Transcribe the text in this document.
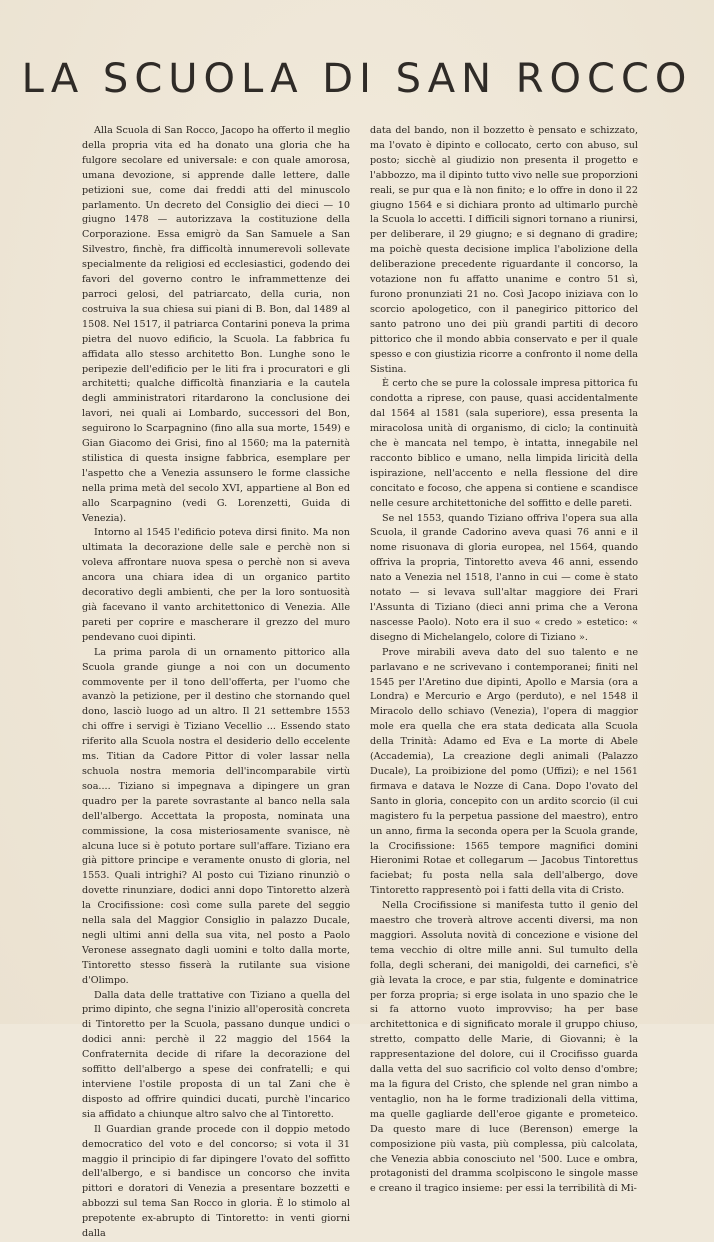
LA SCUOLA DI SAN ROCCO

Alla Scuola di San Rocco, Jacopo ha offerto il meglio della propria vita ed ha donato una gloria che ha fulgore secolare ed universale: e con quale amorosa, umana devozione, si apprende dalle lettere, dalle petizioni sue, come dai freddi atti del minuscolo parlamento. Un decreto del Consiglio dei dieci — 10 giugno 1478 — autorizzava la costituzione della Corporazione. Essa emigrò da San Samuele a San Silvestro, finchè, fra difficoltà innumerevoli sollevate specialmente da religiosi ed ecclesiastici, godendo dei favori del governo contro le inframmettenze dei parroci gelosi, del patriarcato, della curia, non costruiva la sua chiesa sui piani di B. Bon, dal 1489 al 1508. Nel 1517, il patriarca Contarini poneva la prima pietra del nuovo edificio, la Scuola. La fabbrica fu affidata allo stesso architetto Bon. Lunghe sono le peripezie dell'edificio per le liti fra i procuratori e gli architetti; qualche difficoltà finanziaria e la cautela degli amministratori ritardarono la conclusione dei lavori, nei quali ai Lombardo, successori del Bon, seguirono lo Scarpagnino (fino alla sua morte, 1549) e Gian Giacomo dei Grisi, fino al 1560; ma la paternità stilistica di questa insigne fabbrica, esemplare per l'aspetto che a Venezia assunsero le forme classiche nella prima metà del secolo XVI, appartiene al Bon ed allo Scarpagnino (vedi G. Lorenzetti, Guida di Venezia).

Intorno al 1545 l'edificio poteva dirsi finito. Ma non ultimata la decorazione delle sale e perchè non si voleva affrontare nuova spesa o perchè non si aveva ancora una chiara idea di un organico partito decorativo degli ambienti, che per la loro sontuosità già facevano il vanto architettonico di Venezia. Alle pareti per coprire e mascherare il grezzo del muro pendevano cuoi dipinti.

La prima parola di un ornamento pittorico alla Scuola grande giunge a noi con un documento commovente per il tono dell'offerta, per l'uomo che avanzò la petizione, per il destino che stornando quel dono, lasciò luogo ad un altro. Il 21 settembre 1553 chi offre i servigi è Tiziano Vecellio ... Essendo stato riferito alla Scuola nostra el desiderio dello eccelente ms. Titian da Cadore Pittor di voler lassar nella schuola nostra memoria dell'incomparabile virtù soa.... Tiziano si impegnava a dipingere un gran quadro per la parete sovrastante al banco nella sala dell'albergo. Accettata la proposta, nominata una commissione, la cosa misteriosamente svanisce, nè alcuna luce si è potuto portare sull'affare. Tiziano era già pittore principe e veramente onusto di gloria, nel 1553. Quali intrighi? Al posto cui Tiziano rinunziò o dovette rinunziare, dodici anni dopo Tintoretto alzerà la Crocifissione: così come sulla parete del seggio nella sala del Maggior Consiglio in palazzo Ducale, negli ultimi anni della sua vita, nel posto a Paolo Veronese assegnato dagli uomini e tolto dalla morte, Tintoretto stesso fisserà la rutilante sua visione d'Olimpo.

Dalla data delle trattative con Tiziano a quella del primo dipinto, che segna l'inizio all'operosità concreta di Tintoretto per la Scuola, passano dunque undici o dodici anni: perchè il 22 maggio del 1564 la Confraternita decide di rifare la decorazione del soffitto dell'albergo a spese dei confratelli; e qui interviene l'ostile proposta di un tal Zani che è disposto ad offrire quindici ducati, purchè l'incarico sia affidato a chiunque altro salvo che al Tintoretto.

Il Guardian grande procede con il doppio metodo democratico del voto e del concorso; si vota il 31 maggio il principio di far dipingere l'ovato del soffitto dell'albergo, e si bandisce un concorso che invita pittori e doratori di Venezia a presentare bozzetti e abbozzi sul tema San Rocco in gloria. È lo stimolo al prepotente ex-abrupto di Tintoretto: in venti giorni dalla

data del bando, non il bozzetto è pensato e schizzato, ma l'ovato è dipinto e collocato, certo con abuso, sul posto; sicchè al giudizio non presenta il progetto e l'abbozzo, ma il dipinto tutto vivo nelle sue proporzioni reali, se pur qua e là non finito; e lo offre in dono il 22 giugno 1564 e si dichiara pronto ad ultimarlo purchè la Scuola lo accetti. I difficili signori tornano a riunirsi, per deliberare, il 29 giugno; e si degnano di gradire; ma poichè questa decisione implica l'abolizione della deliberazione precedente riguardante il concorso, la votazione non fu affatto unanime e contro 51 sì, furono pronunziati 21 no. Così Jacopo iniziava con lo scorcio apologetico, con il panegirico pittorico del santo patrono uno dei più grandi partiti di decoro pittorico che il mondo abbia conservato e per il quale spesso e con giustizia ricorre a confronto il nome della Sistina.

È certo che se pure la colossale impresa pittorica fu condotta a riprese, con pause, quasi accidentalmente dal 1564 al 1581 (sala superiore), essa presenta la miracolosa unità di organismo, di ciclo; la continuità che è mancata nel tempo, è intatta, innegabile nel racconto biblico e umano, nella limpida liricità della ispirazione, nell'accento e nella flessione del dire concitato e focoso, che appena si contiene e scandisce nelle cesure architettoniche del soffitto e delle pareti.

Se nel 1553, quando Tiziano offriva l'opera sua alla Scuola, il grande Cadorino aveva quasi 76 anni e il nome risuonava di gloria europea, nel 1564, quando offriva la propria, Tintoretto aveva 46 anni, essendo nato a Venezia nel 1518, l'anno in cui — come è stato notato — si levava sull'altar maggiore dei Frari l'Assunta di Tiziano (dieci anni prima che a Verona nascesse Paolo). Noto era il suo « credo » estetico: « disegno di Michelangelo, colore di Tiziano ».

Prove mirabili aveva dato del suo talento e ne parlavano e ne scrivevano i contemporanei; finiti nel 1545 per l'Aretino due dipinti, Apollo e Marsia (ora a Londra) e Mercurio e Argo (perduto), e nel 1548 il Miracolo dello schiavo (Venezia), l'opera di maggior mole era quella che era stata dedicata alla Scuola della Trinità: Adamo ed Eva e La morte di Abele (Accademia), La creazione degli animali (Palazzo Ducale), La proibizione del pomo (Uffizi); e nel 1561 firmava e datava le Nozze di Cana. Dopo l'ovato del Santo in gloria, concepito con un ardito scorcio (il cui magistero fu la perpetua passione del maestro), entro un anno, firma la seconda opera per la Scuola grande, la Crocifissione: 1565 tempore magnifici domini Hieronimi Rotae et collegarum — Jacobus Tintorettus faciebat; fu posta nella sala dell'albergo, dove Tintoretto rappresentò poi i fatti della vita di Cristo.

Nella Crocifissione si manifesta tutto il genio del maestro che troverà altrove accenti diversi, ma non maggiori. Assoluta novità di concezione e visione del tema vecchio di oltre mille anni. Sul tumulto della folla, degli scherani, dei manigoldi, dei carnefici, s'è già levata la croce, e par stia, fulgente e dominatrice per forza propria; si erge isolata in uno spazio che le si fa attorno vuoto improvviso; ha per base architettonica e di significato morale il gruppo chiuso, stretto, compatto delle Marie, di Giovanni; è la rappresentazione del dolore, cui il Crocifisso guarda dalla vetta del suo sacrificio col volto denso d'ombre; ma la figura del Cristo, che splende nel gran nimbo a ventaglio, non ha le forme tradizionali della vittima, ma quelle gagliarde dell'eroe gigante e prometeico. Da questo mare di luce (Berenson) emerge la composizione più vasta, più complessa, più calcolata, che Venezia abbia conosciuto nel '500. Luce e ombra, protagonisti del dramma scolpiscono le singole masse e creano il tragico insieme: per essi la terribilità di Mi-
